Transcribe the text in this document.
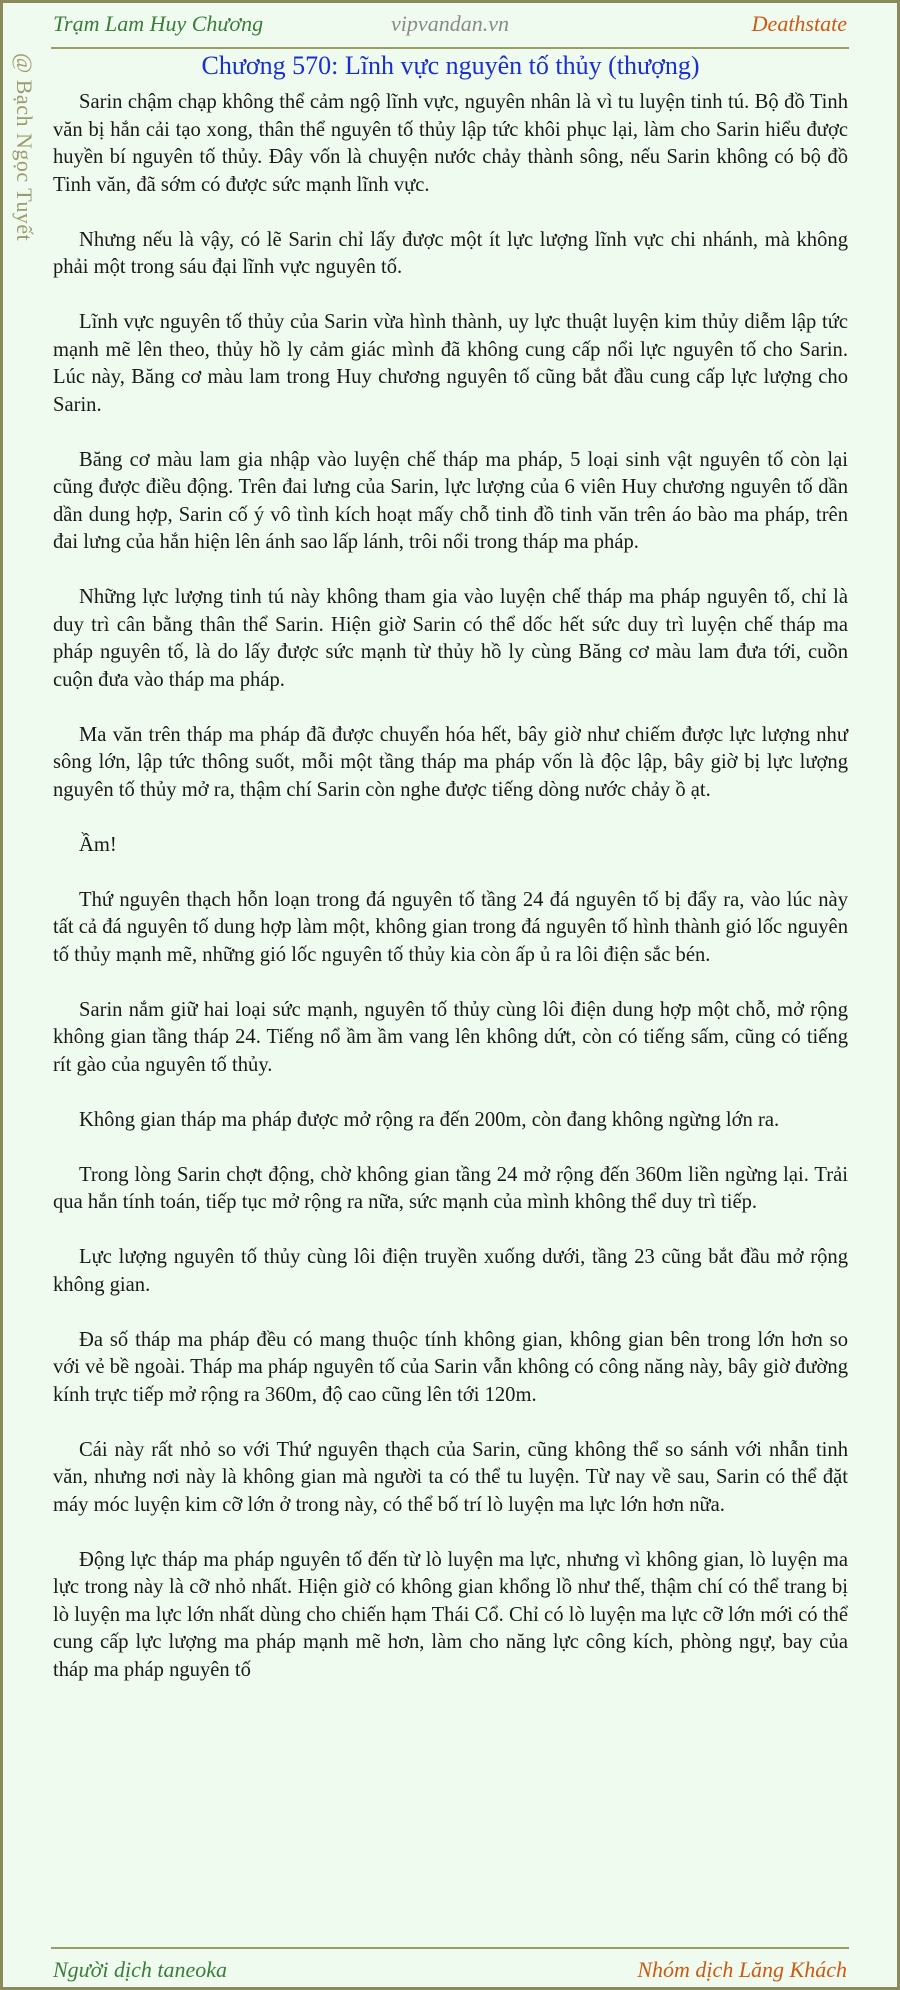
Trạm Lam Huy Chương	vipvandan.vn	Deathstate
@ Bạch Ngọc Tuyết	Chương 570: Lĩnh vực nguyên tố thủy (thượng)

Sarin chậm chạp không thể cảm ngộ lĩnh vực, nguyên nhân là vì tu luyện tinh tú. Bộ đồ Tinh văn bị hắn cải tạo xong, thân thể nguyên tố thủy lập tức khôi phục lại, làm cho Sarin hiểu được huyền bí nguyên tố thủy. Đây vốn là chuyện nước chảy thành sông, nếu Sarin không có bộ đồ Tinh văn, đã sớm có được sức mạnh lĩnh vực.

Nhưng nếu là vậy, có lẽ Sarin chỉ lấy được một ít lực lượng lĩnh vực chi nhánh, mà không phải một trong sáu đại lĩnh vực nguyên tố.

Lĩnh vực nguyên tố thủy của Sarin vừa hình thành, uy lực thuật luyện kim thủy diễm lập tức mạnh mẽ lên theo, thủy hồ ly cảm giác mình đã không cung cấp nổi lực nguyên tố cho Sarin. Lúc này, Băng cơ màu lam trong Huy chương nguyên tố cũng bắt đầu cung cấp lực lượng cho Sarin.

Băng cơ màu lam gia nhập vào luyện chế tháp ma pháp, 5 loại sinh vật nguyên tố còn lại cũng được điều động. Trên đai lưng của Sarin, lực lượng của 6 viên Huy chương nguyên tố dần dần dung hợp, Sarin cố ý vô tình kích hoạt mấy chỗ tinh đồ tinh văn trên áo bào ma pháp, trên đai lưng của hắn hiện lên ánh sao lấp lánh, trôi nổi trong tháp ma pháp.

Những lực lượng tinh tú này không tham gia vào luyện chế tháp ma pháp nguyên tố, chỉ là duy trì cân bằng thân thể Sarin. Hiện giờ Sarin có thể dốc hết sức duy trì luyện chế tháp ma pháp nguyên tố, là do lấy được sức mạnh từ thủy hồ ly cùng Băng cơ màu lam đưa tới, cuồn cuộn đưa vào tháp ma pháp.

Ma văn trên tháp ma pháp đã được chuyển hóa hết, bây giờ như chiếm được lực lượng như sông lớn, lập tức thông suốt, mỗi một tầng tháp ma pháp vốn là độc lập, bây giờ bị lực lượng nguyên tố thủy mở ra, thậm chí Sarin còn nghe được tiếng dòng nước chảy ồ ạt.

Ầm!

Thứ nguyên thạch hỗn loạn trong đá nguyên tố tầng 24 đá nguyên tố bị đẩy ra, vào lúc này tất cả đá nguyên tố dung hợp làm một, không gian trong đá nguyên tố hình thành gió lốc nguyên tố thủy mạnh mẽ, những gió lốc nguyên tố thủy kia còn ấp ủ ra lôi điện sắc bén.

Sarin nắm giữ hai loại sức mạnh, nguyên tố thủy cùng lôi điện dung hợp một chỗ, mở rộng không gian tầng tháp 24. Tiếng nổ ầm ầm vang lên không dứt, còn có tiếng sấm, cũng có tiếng rít gào của nguyên tố thủy.

Không gian tháp ma pháp được mở rộng ra đến 200m, còn đang không ngừng lớn ra.

Trong lòng Sarin chợt động, chờ không gian tầng 24 mở rộng đến 360m liền ngừng lại. Trải qua hắn tính toán, tiếp tục mở rộng ra nữa, sức mạnh của mình không thể duy trì tiếp.

Lực lượng nguyên tố thủy cùng lôi điện truyền xuống dưới, tầng 23 cũng bắt đầu mở rộng không gian.

Đa số tháp ma pháp đều có mang thuộc tính không gian, không gian bên trong lớn hơn so với vẻ bề ngoài. Tháp ma pháp nguyên tố của Sarin vẫn không có công năng này, bây giờ đường kính trực tiếp mở rộng ra 360m, độ cao cũng lên tới 120m.

Cái này rất nhỏ so với Thứ nguyên thạch của Sarin, cũng không thể so sánh với nhẫn tinh văn, nhưng nơi này là không gian mà người ta có thể tu luyện. Từ nay về sau, Sarin có thể đặt máy móc luyện kim cỡ lớn ở trong này, có thể bố trí lò luyện ma lực lớn hơn nữa.

Động lực tháp ma pháp nguyên tố đến từ lò luyện ma lực, nhưng vì không gian, lò luyện ma lực trong này là cỡ nhỏ nhất. Hiện giờ có không gian khổng lồ như thế, thậm chí có thể trang bị lò luyện ma lực lớn nhất dùng cho chiến hạm Thái Cổ. Chỉ có lò luyện ma lực cỡ lớn mới có thể cung cấp lực lượng ma pháp mạnh mẽ hơn, làm cho năng lực công kích, phòng ngự, bay của tháp ma pháp nguyên tố

Người dịch taneoka	Nhóm dịch Lăng Khách
